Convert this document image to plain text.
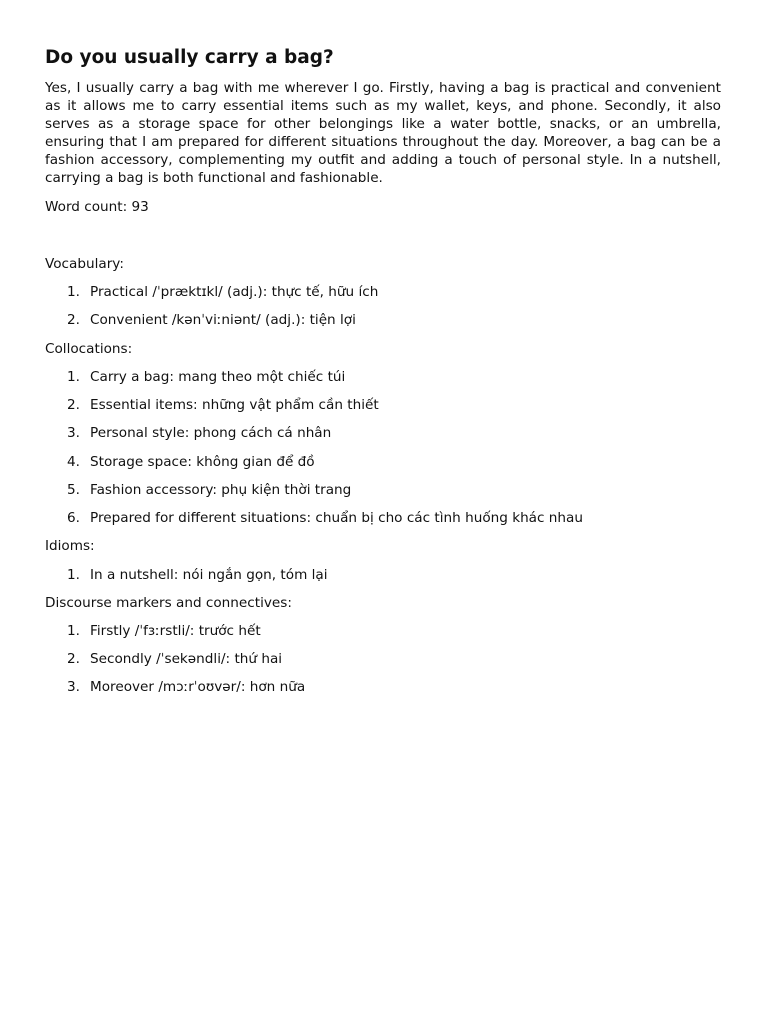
Do you usually carry a bag?

Yes, I usually carry a bag with me wherever I go. Firstly, having a bag is practical and convenient as it allows me to carry essential items such as my wallet, keys, and phone. Secondly, it also serves as a storage space for other belongings like a water bottle, snacks, or an umbrella, ensuring that I am prepared for different situations throughout the day. Moreover, a bag can be a fashion accessory, complementing my outfit and adding a touch of personal style. In a nutshell, carrying a bag is both functional and fashionable.

Word count: 93
Vocabulary:
1. Practical /ˈpræktɪkl/ (adj.): thực tế, hữu ích
2. Convenient /kənˈviːniənt/ (adj.): tiện lợi
Collocations:
1. Carry a bag: mang theo một chiếc túi
2. Essential items: những vật phẩm cần thiết
3. Personal style: phong cách cá nhân
4. Storage space: không gian để đồ
5. Fashion accessory: phụ kiện thời trang
6. Prepared for different situations: chuẩn bị cho các tình huống khác nhau
Idioms:
1. In a nutshell: nói ngắn gọn, tóm lại
Discourse markers and connectives:
1. Firstly /ˈfɜːrstli/: trước hết
2. Secondly /ˈsekəndli/: thứ hai
3. Moreover /mɔːrˈoʊvər/: hơn nữa
